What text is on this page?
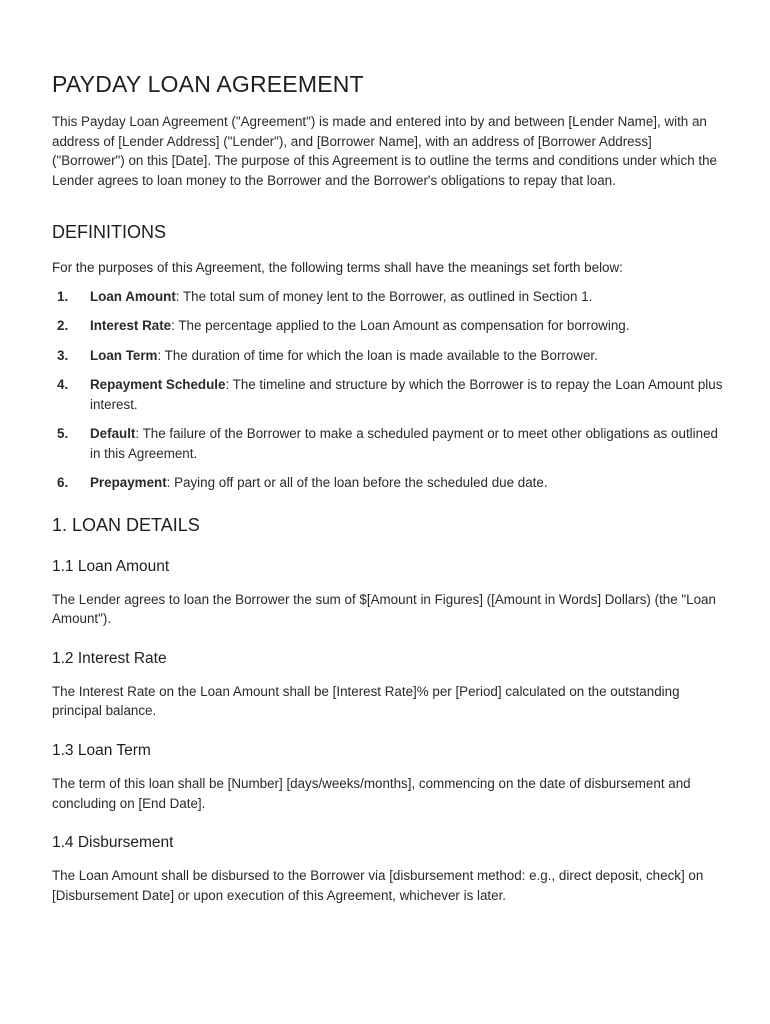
PAYDAY LOAN AGREEMENT

This Payday Loan Agreement ("Agreement") is made and entered into by and between [Lender Name], with an address of [Lender Address] ("Lender"), and [Borrower Name], with an address of [Borrower Address] ("Borrower") on this [Date]. The purpose of this Agreement is to outline the terms and conditions under which the Lender agrees to loan money to the Borrower and the Borrower's obligations to repay that loan.

DEFINITIONS

For the purposes of this Agreement, the following terms shall have the meanings set forth below:

1.	Loan Amount: The total sum of money lent to the Borrower, as outlined in Section 1.
2.	Interest Rate: The percentage applied to the Loan Amount as compensation for borrowing.
3.	Loan Term: The duration of time for which the loan is made available to the Borrower.
4.	Repayment Schedule: The timeline and structure by which the Borrower is to repay the Loan Amount plus interest.
5.	Default: The failure of the Borrower to make a scheduled payment or to meet other obligations as outlined in this Agreement.
6.	Prepayment: Paying off part or all of the loan before the scheduled due date.
1. LOAN DETAILS
1.1 Loan Amount

The Lender agrees to loan the Borrower the sum of $[Amount in Figures] ([Amount in Words] Dollars) (the "Loan Amount").

1.2 Interest Rate

The Interest Rate on the Loan Amount shall be [Interest Rate]% per [Period] calculated on the outstanding principal balance.

1.3 Loan Term

The term of this loan shall be [Number] [days/weeks/months], commencing on the date of disbursement and concluding on [End Date].

1.4 Disbursement

The Loan Amount shall be disbursed to the Borrower via [disbursement method: e.g., direct deposit, check] on [Disbursement Date] or upon execution of this Agreement, whichever is later.
